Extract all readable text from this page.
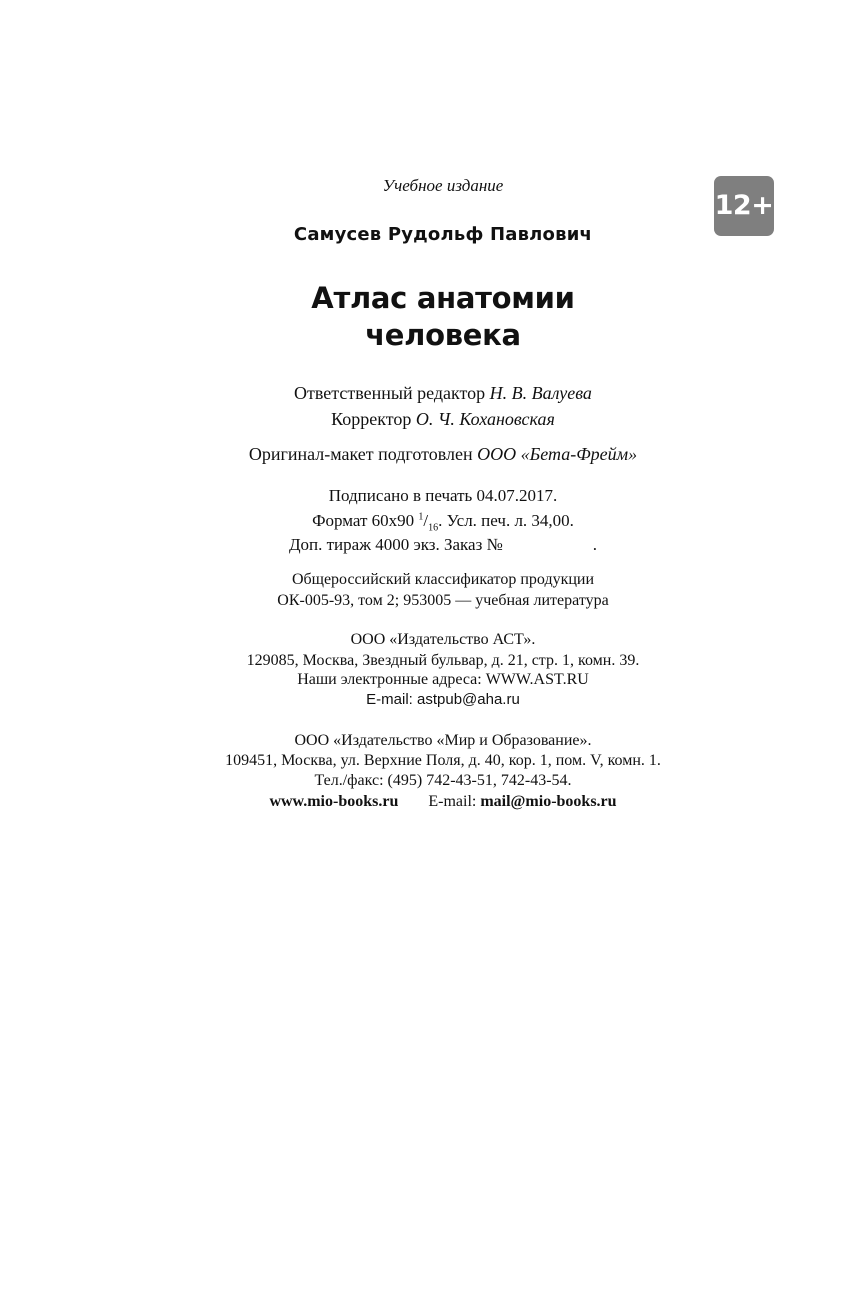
12+
Учебное издание
Самусев Рудольф Павлович
Атлас анатомии
человека
Ответственный редактор Н. В. Валуева
Корректор О. Ч. Кохановская
Оригинал-макет подготовлен ООО «Бета-Фрейм»
Подписано в печать 04.07.2017.
Формат 60х90 $^1/_{16}$. Усл. печ. л. 34,00.
Доп. тираж 4000 экз. Заказ №	.
Общероссийский классификатор продукции
ОК-005-93, том 2; 953005 — учебная литература
ООО «Издательство АСТ».
129085, Москва, Звездный бульвар, д. 21, стр. 1, комн. 39.
Наши электронные адреса: WWW.AST.RU
E-mail: astpub@aha.ru
ООО «Издательство «Мир и Образование».
109451, Москва, ул. Верхние Поля, д. 40, кор. 1, пом. V, комн. 1.
Тел./факс: (495) 742-43-51, 742-43-54.
www.mio-books.ru E-mail: mail@mio-books.ru
